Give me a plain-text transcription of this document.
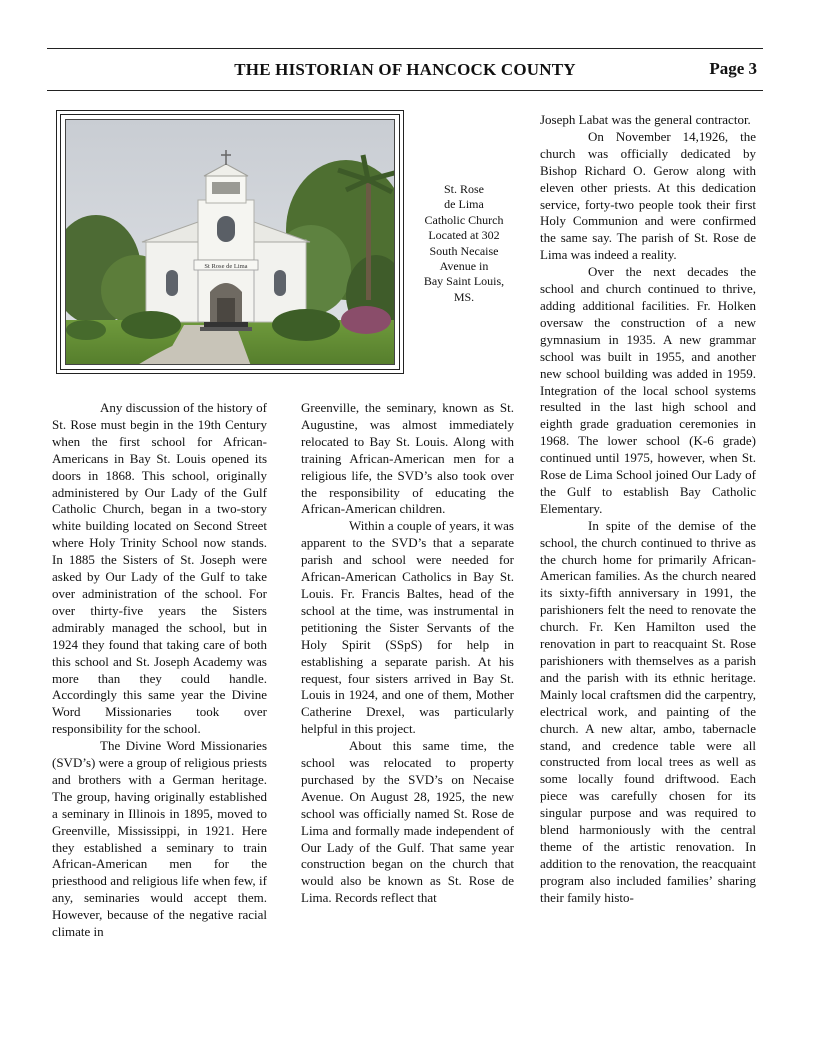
THE HISTORIAN OF HANCOCK COUNTY	Page 3
St Rose de Lima
St. Rose
de Lima
Catholic Church
Located at 302
South Necaise
Avenue in
Bay Saint Louis,
MS.

Any discussion of the history of St. Rose must begin in the 19th Century when the first school for African-Americans in Bay St. Louis opened its doors in 1868. This school, originally administered by Our Lady of the Gulf Catholic Church, began in a two-story white building located on Second Street where Holy Trinity School now stands. In 1885 the Sisters of St. Joseph were asked by Our Lady of the Gulf to take over administration of the school. For over thirty-five years the Sisters admirably managed the school, but in 1924 they found that taking care of both this school and St. Joseph Academy was more than they could handle. Accordingly this same year the Divine Word Missionaries took over responsibility for the school.

The Divine Word Missionaries (SVD’s) were a group of religious priests and brothers with a German heritage. The group, having originally established a seminary in Illinois in 1895, moved to Greenville, Mississippi, in 1921. Here they established a seminary to train African-American men for the priesthood and religious life when few, if any, seminaries would accept them. However, because of the negative racial climate in

Greenville, the seminary, known as St. Augustine, was almost immediately relocated to Bay St. Louis. Along with training African-American men for a religious life, the SVD’s also took over the responsibility of educating the African-American children.

Within a couple of years, it was apparent to the SVD’s that a separate parish and school were needed for African-American Catholics in Bay St. Louis. Fr. Francis Baltes, head of the school at the time, was instrumental in petitioning the Sister Servants of the Holy Spirit (SSpS) for help in establishing a separate parish. At his request, four sisters arrived in Bay St. Louis in 1924, and one of them, Mother Catherine Drexel, was particularly helpful in this project.

About this same time, the school was relocated to property purchased by the SVD’s on Necaise Avenue. On August 28, 1925, the new school was officially named St. Rose de Lima and formally made independent of Our Lady of the Gulf. That same year construction began on the church that would also be known as St. Rose de Lima. Records reflect that

Joseph Labat was the general contractor.

On November 14,1926, the church was officially dedicated by Bishop Richard O. Gerow along with eleven other priests. At this dedication service, forty-two people took their first Holy Communion and were confirmed the same say. The parish of St. Rose de Lima was indeed a reality.

Over the next decades the school and church continued to thrive, adding additional facilities. Fr. Holken oversaw the construction of a new gymnasium in 1935. A new grammar school was built in 1955, and another new school building was added in 1959. Integration of the local school systems resulted in the last high school and eighth grade graduation ceremonies in 1968. The lower school (K-6 grade) continued until 1975, however, when St. Rose de Lima School joined Our Lady of the Gulf to establish Bay Catholic Elementary.

In spite of the demise of the school, the church continued to thrive as the church home for primarily African-American families. As the church neared its sixty-fifth anniversary in 1991, the parishioners felt the need to renovate the church. Fr. Ken Hamilton used the renovation in part to reacquaint St. Rose parishioners with themselves as a parish and the parish with its ethnic heritage. Mainly local craftsmen did the carpentry, electrical work, and painting of the church. A new altar, ambo, tabernacle stand, and credence table were all constructed from local trees as well as some locally found driftwood. Each piece was carefully chosen for its singular purpose and was required to blend harmoniously with the central theme of the artistic renovation. In addition to the renovation, the reacquaint program also included families’ sharing their family histo-
